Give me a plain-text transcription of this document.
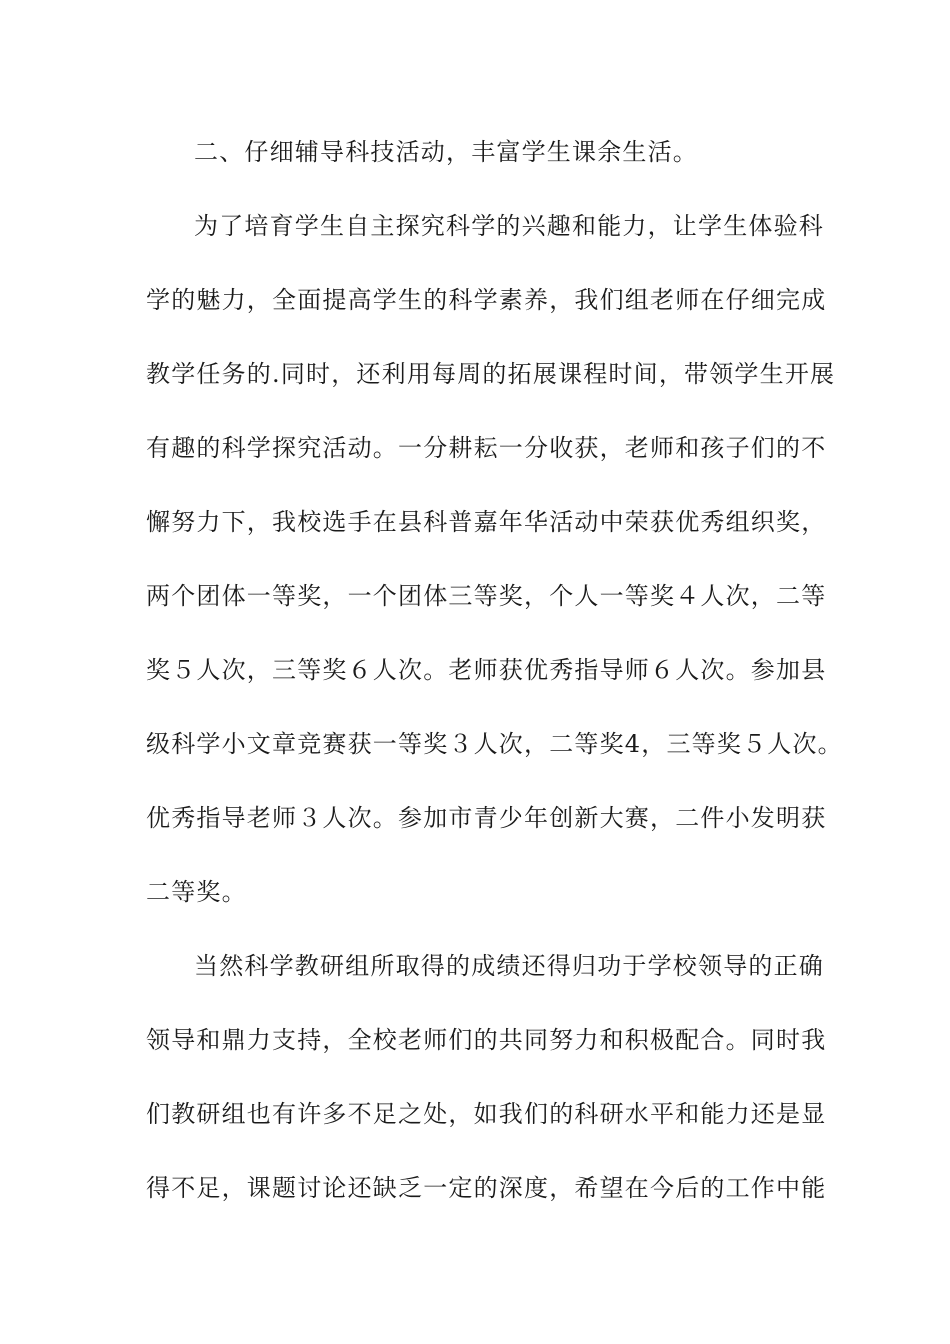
二、仔细辅导科技活动，丰富学生课余生活。
为了培育学生自主探究科学的兴趣和能力，让学生体验科
学的魅力，全面提高学生的科学素养，我们组老师在仔细完成
教学任务的.同时，还利用每周的拓展课程时间，带领学生开展
有趣的科学探究活动。一分耕耘一分收获，老师和孩子们的不
懈努力下，我校选手在县科普嘉年华活动中荣获优秀组织奖，
两个团体一等奖，一个团体三等奖，个人一等奖４人次，二等
奖５人次，三等奖６人次。老师获优秀指导师６人次。参加县
级科学小文章竞赛获一等奖３人次，二等奖4，三等奖５人次。
优秀指导老师３人次。参加市青少年创新大赛，二件小发明获
二等奖。
当然科学教研组所取得的成绩还得归功于学校领导的正确
领导和鼎力支持，全校老师们的共同努力和积极配合。同时我
们教研组也有许多不足之处，如我们的科研水平和能力还是显
得不足，课题讨论还缺乏一定的深度，希望在今后的工作中能
